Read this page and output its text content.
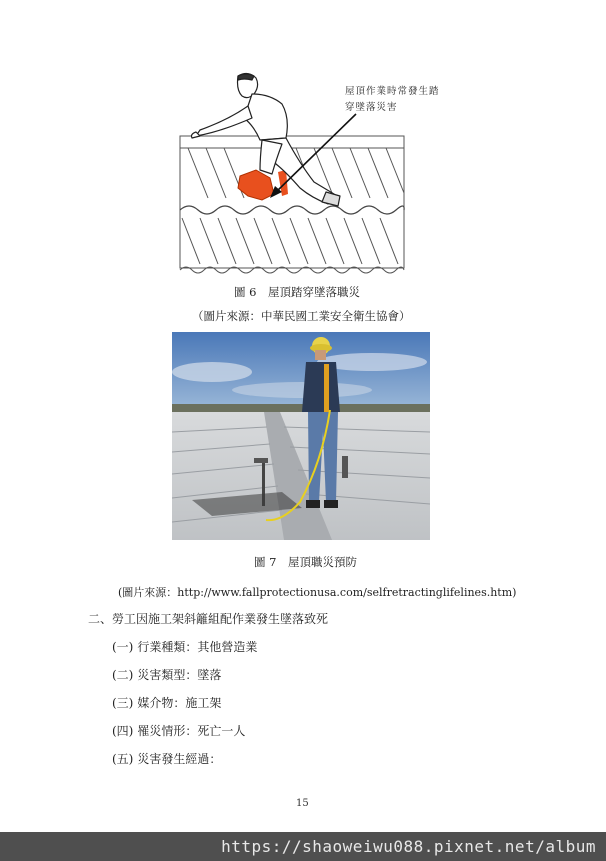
屋頂作業時常發生踏穿墜落災害
圖 6　屋頂踏穿墜落職災
（圖片來源：中華民國工業安全衛生協會）
圖 7　屋頂職災預防
(圖片來源：http://www.fallprotectionusa.com/selfretractinglifelines.htm)
二、勞工因施工架斜籬組配作業發生墜落致死
(一) 行業種類：其他營造業
(二) 災害類型：墜落
(三) 媒介物：施工架
(四) 罹災情形：死亡一人
(五) 災害發生經過：
15
https://shaoweiwu088.pixnet.net/album
